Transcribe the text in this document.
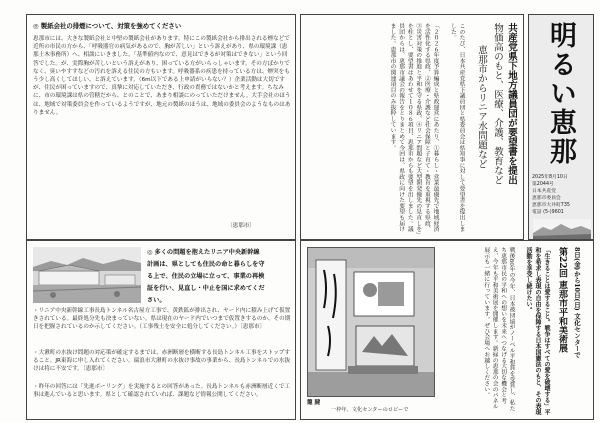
◎ 製紙会社の排煙について、対策を強めてください
恵那市には、大きな製紙会社と中堅の製紙会社があります。特にこの製紙会社から排出される煙などで近所の市民の方から、「呼吸器官の病気があるので、胸が苦しい」という訴えがあり、県の環境課（恵那土木事務所）へ、相談にいきました。「基準値内なので、意見はできるが対策はできない」という回答でした。が、実際胸が苦しいという訴えがあり、困っている方がいらっしゃいます。その方ばかりでなく、臭いやすすなどの汚れを訴える住民の方もいます。呼吸器系の疾患を持っている方は、煙突をもう少し高くしてほしい、と訴えています。（6m以下である上申請がいらない？）企業活動は大切ですが、住民が困っていますので、真摯に対応していただき、行政の責務ではないかと考えます。ちなみに、市の環境課は県の管轄だから、とのことで、あまり相談にのっていただけません。大手会社のほうは、地域で対策委員会を作っているようですが、地元の製紙のほうは、地域の委員会のようなものはありません。
〔恵那市〕
◎ 多くの問題を抱えたリニア中央新幹線
計画は、県としても住民の命と暮らしを守
る上で、住民の立場に立って、事業の再検
証を行い、見直し・中止を国に求めてくだ
さい。
・リニア中央新幹線工事長島トンネル名古屋方工事で、黄鉄鉱が排出され、ヤード内に積み上げて仮置きされている。最終処分先も決まっていない。県は現在のヤード内でいつまで仮置きするのか、その期日を把握されているのか示してください。（工事残土を安全に処分してください。）〔恵那市〕
・大湫町の水抜け問題の対応策が確定するまでは、赤洲断層を横断する長島トンネル工事をストップすること。JR東海に申し入れてください。瑞浪市大湫町の水抜け事故の事業から、長島トンネルでの水抜けは将に不安です。〔恵那市〕
・昨年の回答には「先進ボーリング」を実施するとの回答があった。長島トンネルも赤洲断層近くで工事は進んでいると思います。県として確認されていれば、課題など情報公開してください。
共産党県下地方議員団が要望書を提出
物価高のもと、医療、介護、教育など
恵那市からリニア水問題など
このたび、日本共産党県下議員団と県委員会は県知事に対して要望書を提出しました。
「２０２６年度予算編成と県政運営にあたり、①暮らし・営業最優先で地域経済を活性化する県政、②医療・介護など社会保障と子育て・教育を重視する県政、③災害対策の推進と平和を守る県政、④リニア問題など大型開発優先の見直しを」を柱とし、要望書はあわせて１０８６項目、恵那市からも要望を出しました。議員団からは、恵那市議会の報告をとりまとめて今回は、県政に向けた要望も届けました。恵那市の関連項目のみ抜粋しています。	明るい恵那
2025年8月10日
第2044号
日本共産党
恵那市委員会
恵那市大井町735
電話 (5-)9601
第22回 恵那市平和美術展 8日(金)から10日(日) 文化センターで
「生きることは愛すること。戦争はすべての愛を破壊する」平和を希求し表現の自由を保障する日本国憲法のもと、その表現活動を享受し続けたい。
戦後80年の今年、日本被団協がノーベル平和賞を受賞し、私たち恵那市民の平和への想いを未来へつなげる大切な機会と考え、今年も平和美術展を開催します。新緑の恵那の会のパネル展示も一緒に行っています。ぜひ会場へお越しください。
籠 腱
一枠年、文化センターのロビーで
